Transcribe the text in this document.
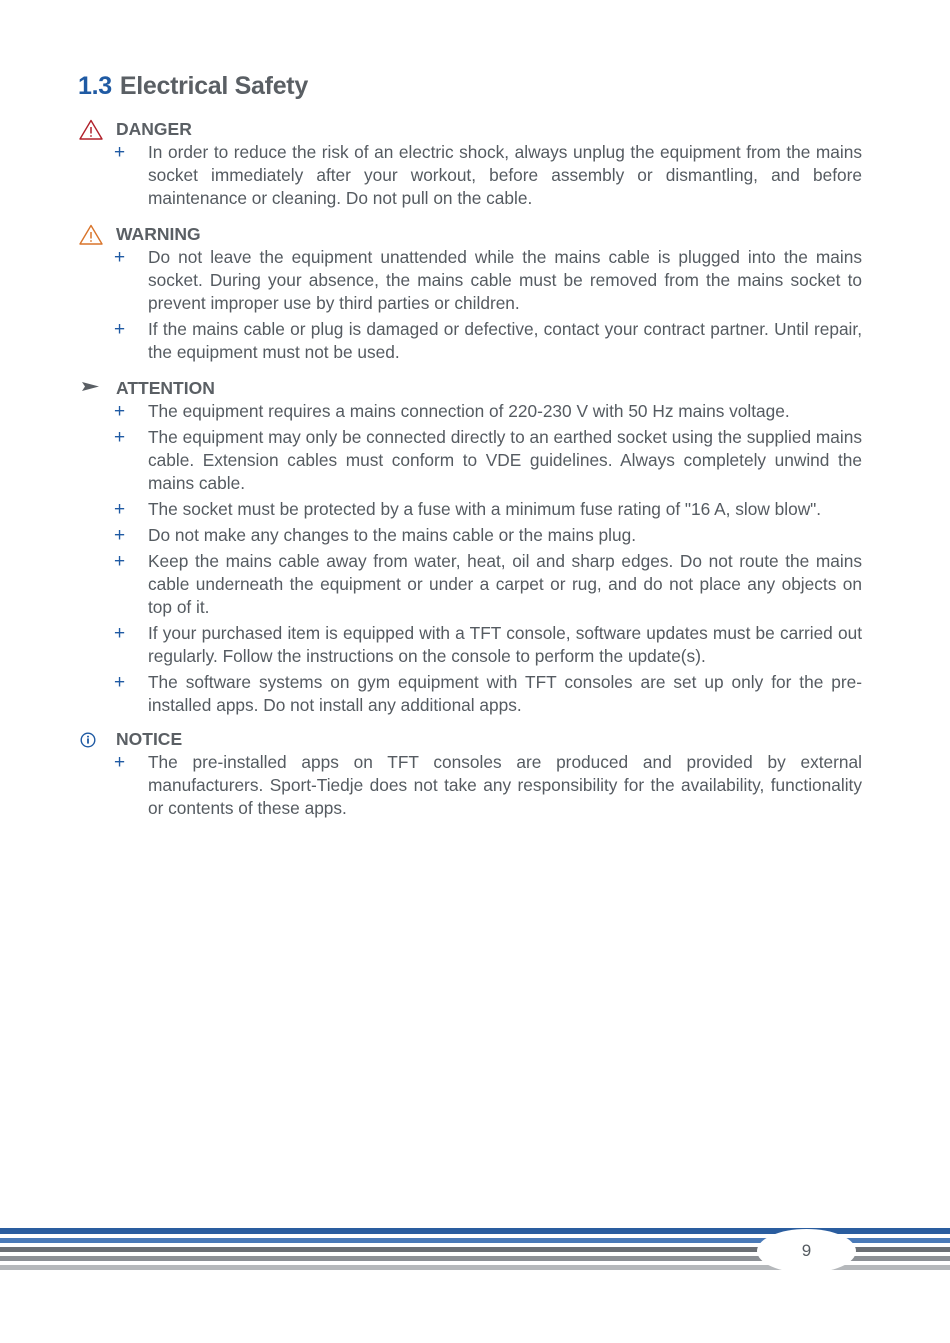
1.3 Electrical Safety
DANGER
+ In order to reduce the risk of an electric shock, always unplug the equipment from the mains socket immediately after your workout, before assembly or dismantling, and before maintenance or cleaning. Do not pull on the cable.
WARNING
+ Do not leave the equipment unattended while the mains cable is plugged into the mains socket. During your absence, the mains cable must be removed from the mains socket to prevent improper use by third parties or children.
+ If the mains cable or plug is damaged or defective, contact your contract partner. Until repair, the equipment must not be used.
ATTENTION
+ The equipment requires a mains connection of 220-230 V with 50 Hz mains voltage.
+ The equipment may only be connected directly to an earthed socket using the supplied mains cable. Extension cables must conform to VDE guidelines. Always completely unwind the mains cable.
+ The socket must be protected by a fuse with a minimum fuse rating of "16 A, slow blow".
+ Do not make any changes to the mains cable or the mains plug.
+ Keep the mains cable away from water, heat, oil and sharp edges. Do not route the mains cable underneath the equipment or under a carpet or rug, and do not place any objects on top of it.
+ If your purchased item is equipped with a TFT console, software updates must be carried out regularly. Follow the instructions on the console to perform the update(s).
+ The software systems on gym equipment with TFT consoles are set up only for the pre-installed apps. Do not install any additional apps.
NOTICE
+ The pre-installed apps on TFT consoles are produced and provided by external manufacturers. Sport-Tiedje does not take any responsibility for the availability, functionality or contents of these apps.
9
